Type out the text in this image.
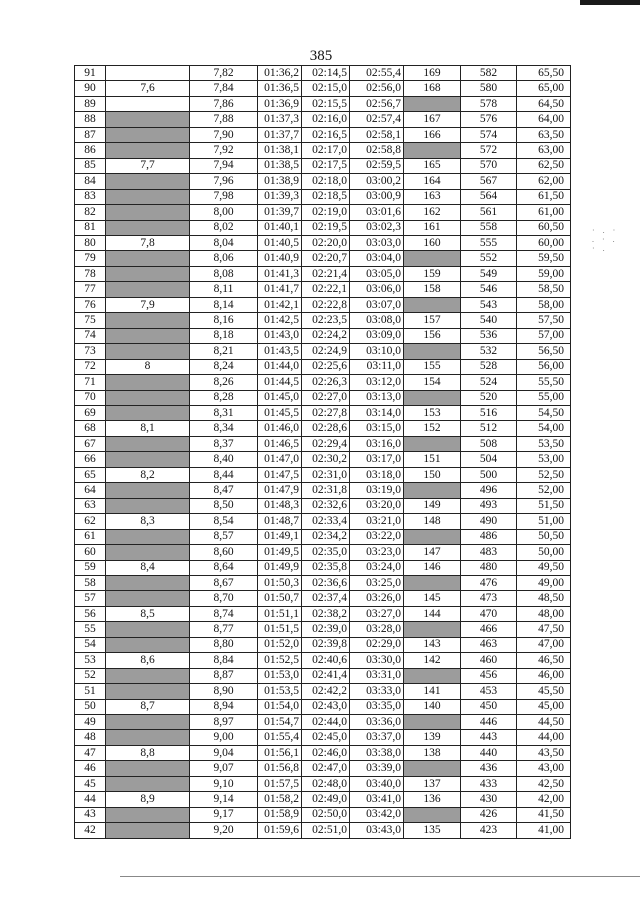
385
91		7,82	01:36,2	02:14,5	02:55,4	169	582	65,50
90	7,6	7,84	01:36,5	02:15,0	02:56,0	168	580	65,00
89		7,86	01:36,9	02:15,5	02:56,7		578	64,50
88		7,88	01:37,3	02:16,0	02:57,4	167	576	64,00
87		7,90	01:37,7	02:16,5	02:58,1	166	574	63,50
86		7,92	01:38,1	02:17,0	02:58,8		572	63,00
85	7,7	7,94	01:38,5	02:17,5	02:59,5	165	570	62,50
84		7,96	01:38,9	02:18,0	03:00,2	164	567	62,00
83		7,98	01:39,3	02:18,5	03:00,9	163	564	61,50
82		8,00	01:39,7	02:19,0	03:01,6	162	561	61,00
81		8,02	01:40,1	02:19,5	03:02,3	161	558	60,50
80	7,8	8,04	01:40,5	02:20,0	03:03,0	160	555	60,00
79		8,06	01:40,9	02:20,7	03:04,0		552	59,50
78		8,08	01:41,3	02:21,4	03:05,0	159	549	59,00
77		8,11	01:41,7	02:22,1	03:06,0	158	546	58,50
76	7,9	8,14	01:42,1	02:22,8	03:07,0		543	58,00
75		8,16	01:42,5	02:23,5	03:08,0	157	540	57,50
74		8,18	01:43,0	02:24,2	03:09,0	156	536	57,00
73		8,21	01:43,5	02:24,9	03:10,0		532	56,50
72	8	8,24	01:44,0	02:25,6	03:11,0	155	528	56,00
71		8,26	01:44,5	02:26,3	03:12,0	154	524	55,50
70		8,28	01:45,0	02:27,0	03:13,0		520	55,00
69		8,31	01:45,5	02:27,8	03:14,0	153	516	54,50
68	8,1	8,34	01:46,0	02:28,6	03:15,0	152	512	54,00
67		8,37	01:46,5	02:29,4	03:16,0		508	53,50
66		8,40	01:47,0	02:30,2	03:17,0	151	504	53,00
65	8,2	8,44	01:47,5	02:31,0	03:18,0	150	500	52,50
64		8,47	01:47,9	02:31,8	03:19,0		496	52,00
63		8,50	01:48,3	02:32,6	03:20,0	149	493	51,50
62	8,3	8,54	01:48,7	02:33,4	03:21,0	148	490	51,00
61		8,57	01:49,1	02:34,2	03:22,0		486	50,50
60		8,60	01:49,5	02:35,0	03:23,0	147	483	50,00
59	8,4	8,64	01:49,9	02:35,8	03:24,0	146	480	49,50
58		8,67	01:50,3	02:36,6	03:25,0		476	49,00
57		8,70	01:50,7	02:37,4	03:26,0	145	473	48,50
56	8,5	8,74	01:51,1	02:38,2	03:27,0	144	470	48,00
55		8,77	01:51,5	02:39,0	03:28,0		466	47,50
54		8,80	01:52,0	02:39,8	02:29,0	143	463	47,00
53	8,6	8,84	01:52,5	02:40,6	03:30,0	142	460	46,50
52		8,87	01:53,0	02:41,4	03:31,0		456	46,00
51		8,90	01:53,5	02:42,2	03:33,0	141	453	45,50
50	8,7	8,94	01:54,0	02:43,0	03:35,0	140	450	45,00
49		8,97	01:54,7	02:44,0	03:36,0		446	44,50
48		9,00	01:55,4	02:45,0	03:37,0	139	443	44,00
47	8,8	9,04	01:56,1	02:46,0	03:38,0	138	440	43,50
46		9,07	01:56,8	02:47,0	03:39,0		436	43,00
45		9,10	01:57,5	02:48,0	03:40,0	137	433	42,50
44	8,9	9,14	01:58,2	02:49,0	03:41,0	136	430	42,00
43		9,17	01:58,9	02:50,0	03:42,0		426	41,50
42		9,20	01:59,6	02:51,0	03:43,0	135	423	41,00
· . ·
. · .
· .
